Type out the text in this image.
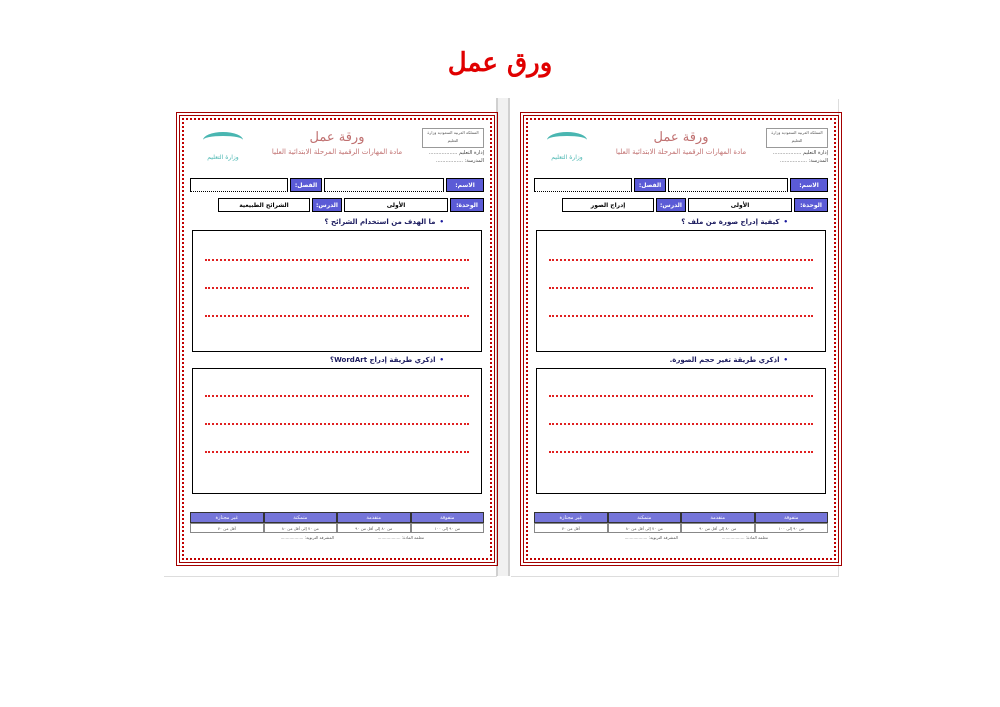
ورق عمل
المملكة العربية السعودية وزارة التعليم
إدارة التعليم ..................
المدرسة: .................
ورقة عمل
مادة المهارات الرقمية المرحلة الابتدائية العليا
وزارة التعليم
الاسم:
الفصل:
الوحدة:
الأولى
الدرس:
إدراج الصور
•كيفية إدراج صورة من ملف ؟
•اذكري طريقة تغير حجم الصورة.
متفوقة
متقدمة
متمكنة
غير مجتازة
من ٩٠ إلى ١٠٠
من ٨٠ إلى أقل من ٩٠
من ٧٠ إلى أقل من ٨٠
أقل من ٧٠
معلمة المادة: ..................
المشرفة التربوية: ..................
المملكة العربية السعودية وزارة التعليم
إدارة التعليم ..................
المدرسة: .................
ورقة عمل
مادة المهارات الرقمية المرحلة الابتدائية العليا
وزارة التعليم
الاسم:
الفصل:
الوحدة:
الأولى
الدرس:
الشرائح الطبيعية
•ما الهدف من استخدام الشرائح ؟
•اذكري طريقة إدراج WordArt؟
متفوقة
متقدمة
متمكنة
غير مجتازة
من ٩٠ إلى ١٠٠
من ٨٠ إلى أقل من ٩٠
من ٧٠ إلى أقل من ٨٠
أقل من ٧٠
معلمة المادة: ..................
المشرفة التربوية: ..................
